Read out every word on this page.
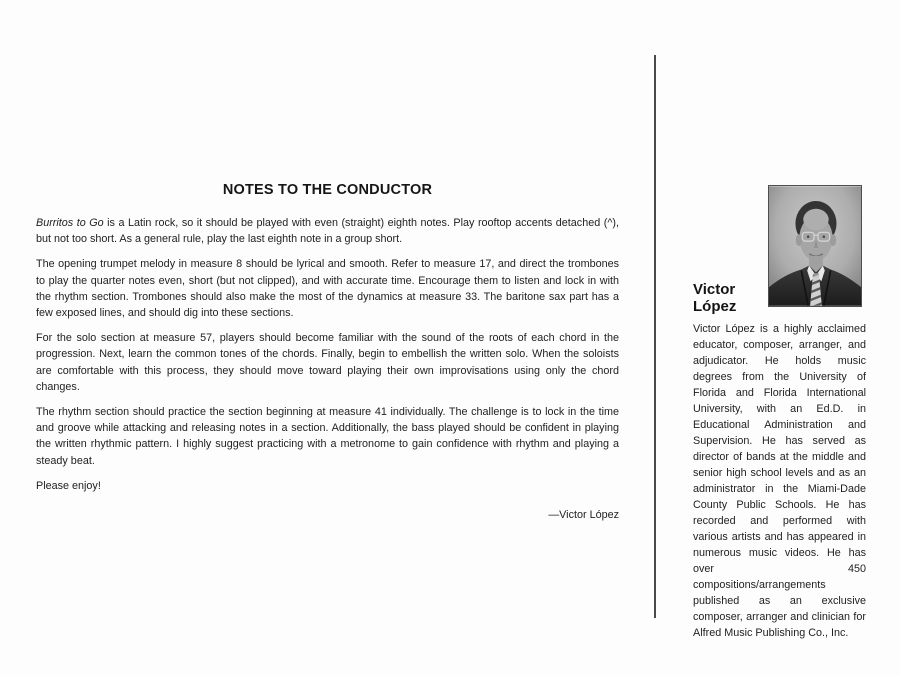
NOTES TO THE CONDUCTOR

Burritos to Go is a Latin rock, so it should be played with even (straight) eighth notes. Play rooftop accents detached (^), but not too short. As a general rule, play the last eighth note in a group short.

The opening trumpet melody in measure 8 should be lyrical and smooth. Refer to measure 17, and direct the trombones to play the quarter notes even, short (but not clipped), and with accurate time. Encourage them to listen and lock in with the rhythm section. Trombones should also make the most of the dynamics at measure 33. The baritone sax part has a few exposed lines, and should dig into these sections.

For the solo section at measure 57, players should become familiar with the sound of the roots of each chord in the progression. Next, learn the common tones of the chords. Finally, begin to embellish the written solo. When the soloists are comfortable with this process, they should move toward playing their own improvisations using only the chord changes.

The rhythm section should practice the section beginning at measure 41 individually. The challenge is to lock in the time and groove while attacking and releasing notes in a section. Additionally, the bass played should be confident in playing the written rhythmic pattern. I highly suggest practicing with a metronome to gain confidence with rhythm and playing a steady beat.

Please enjoy!

—Victor López

Victor
López
Victor López is a highly acclaimed educator, composer, arranger, and adjudicator. He holds music degrees from the University of Florida and Florida International University, with an Ed.D. in Educational Administration and Supervision. He has served as director of bands at the middle and senior high school levels and as an administrator in the Miami-Dade County Public Schools. He has recorded and performed with various artists and has appeared in numerous music videos. He has over 450 compositions/arrangements published as an exclusive composer, arranger and clinician for Alfred Music Publishing Co., Inc.
